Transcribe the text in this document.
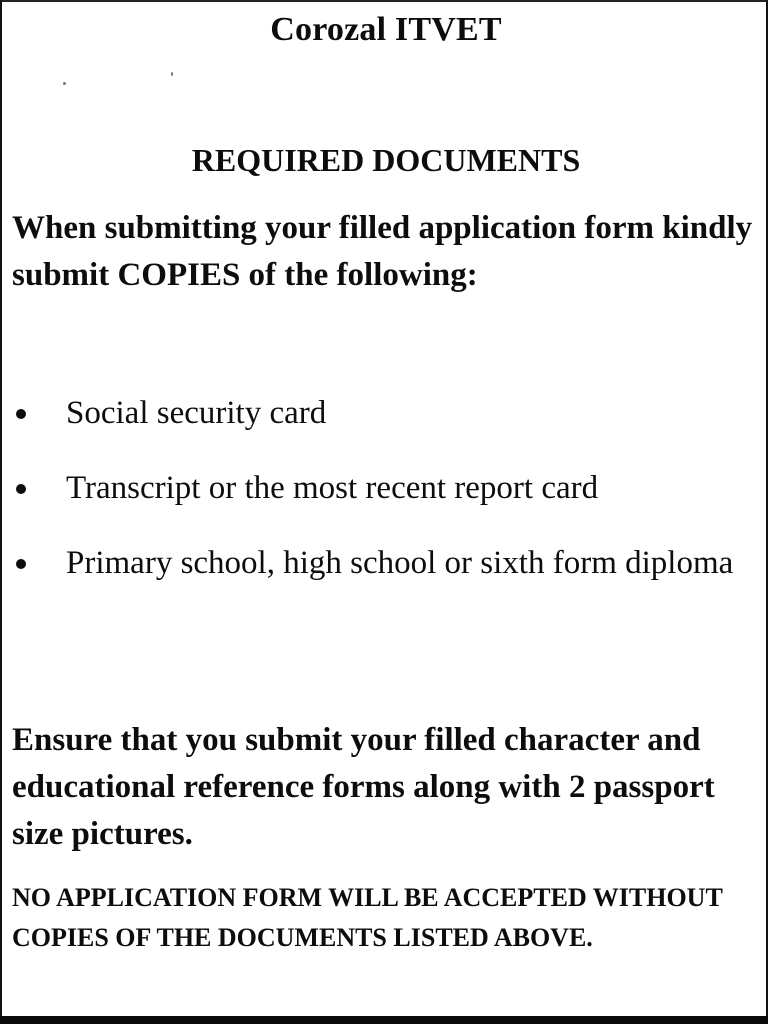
Corozal ITVET
REQUIRED DOCUMENTS

When submitting your filled application form kindly submit COPIES of the following:

Social security card
Transcript or the most recent report card
Primary school, high school or sixth form diploma

Ensure that you submit your filled character and educational reference forms along with 2 passport size pictures.

NO APPLICATION FORM WILL BE ACCEPTED WITHOUT COPIES OF THE DOCUMENTS LISTED ABOVE.
